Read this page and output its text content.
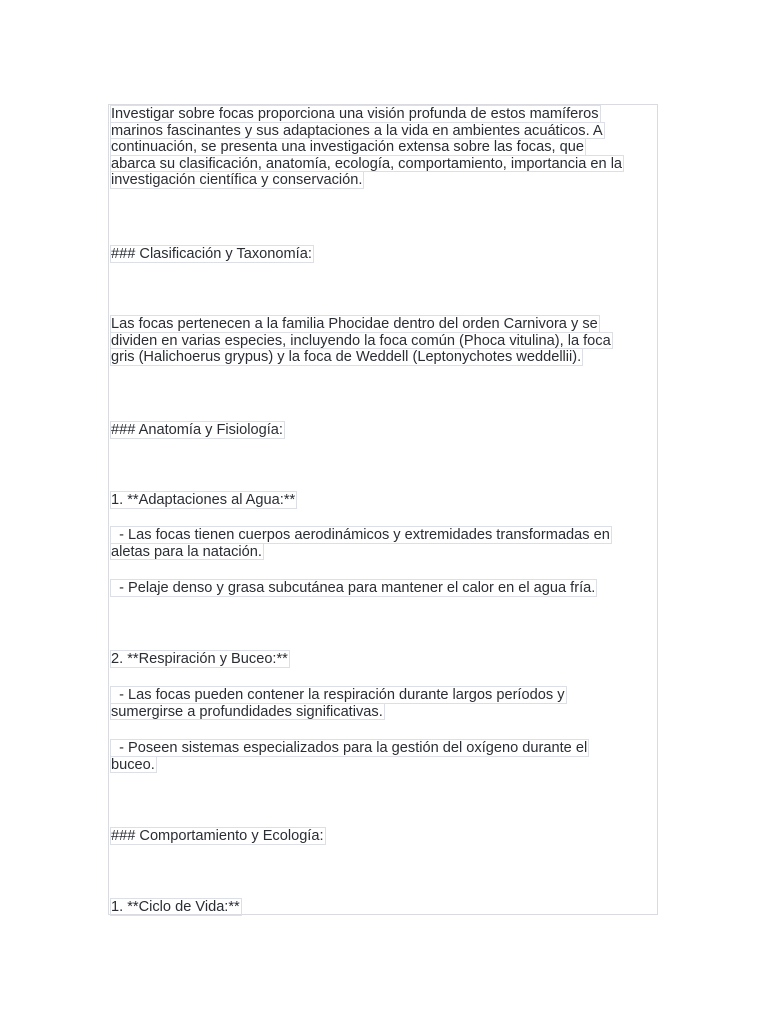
Investigar sobre focas proporciona una visión profunda de estos mamíferos
marinos fascinantes y sus adaptaciones a la vida en ambientes acuáticos. A
continuación, se presenta una investigación extensa sobre las focas, que
abarca su clasificación, anatomía, ecología, comportamiento, importancia en la
investigación científica y conservación.
### Clasificación y Taxonomía:
Las focas pertenecen a la familia Phocidae dentro del orden Carnivora y se
dividen en varias especies, incluyendo la foca común (Phoca vitulina), la foca
gris (Halichoerus grypus) y la foca de Weddell (Leptonychotes weddellii).
### Anatomía y Fisiología:
1. **Adaptaciones al Agua:**
- Las focas tienen cuerpos aerodinámicos y extremidades transformadas en
aletas para la natación.
- Pelaje denso y grasa subcutánea para mantener el calor en el agua fría.
2. **Respiración y Buceo:**
- Las focas pueden contener la respiración durante largos períodos y
sumergirse a profundidades significativas.
- Poseen sistemas especializados para la gestión del oxígeno durante el
buceo.
### Comportamiento y Ecología:
1. **Ciclo de Vida:**
